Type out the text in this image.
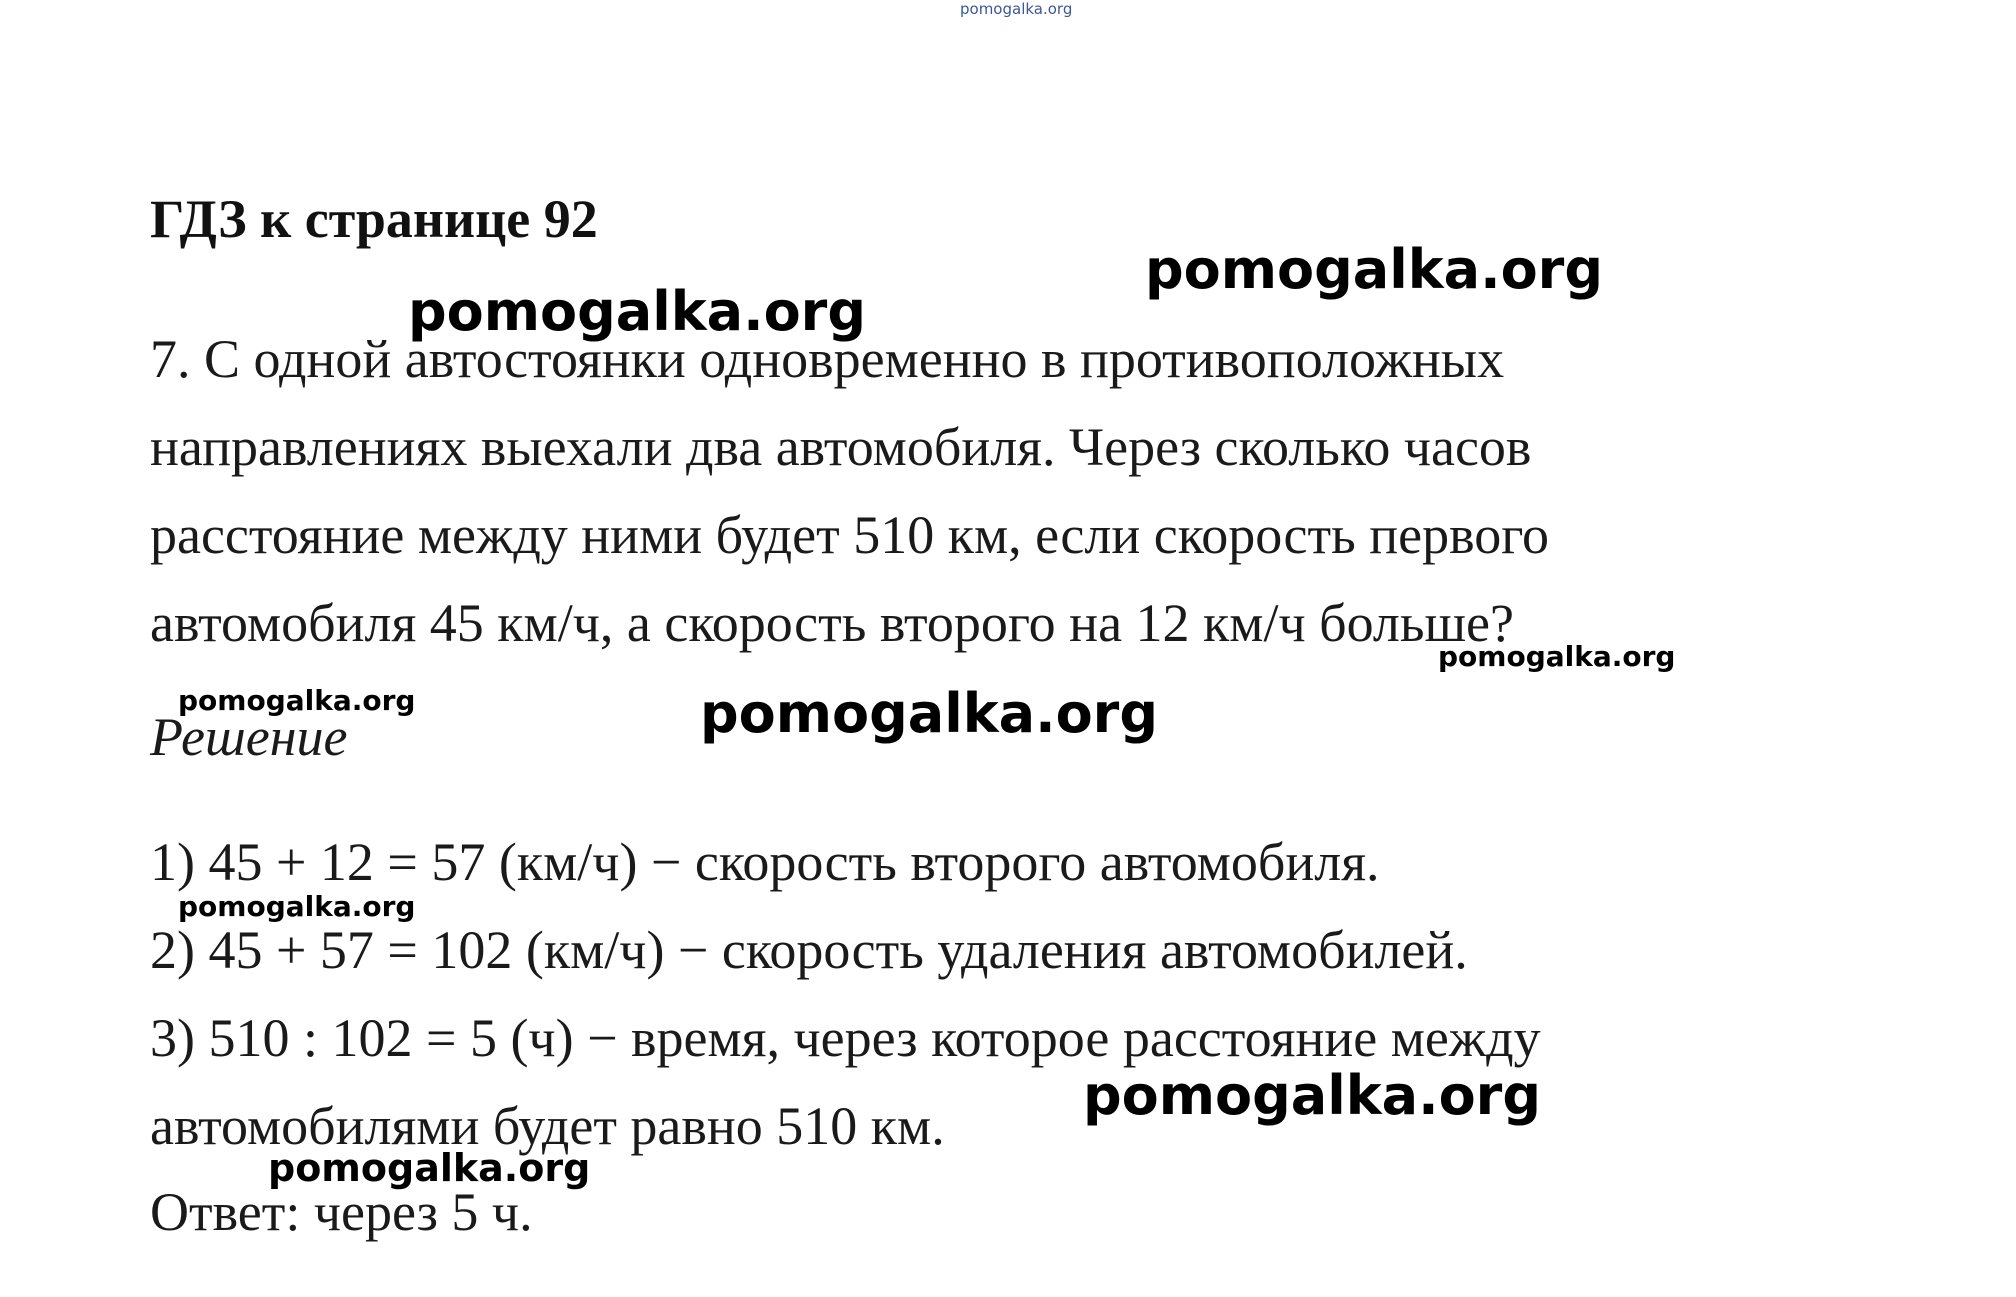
pomogalka.org
ГДЗ к странице 92
pomogalka.org
pomogalka.org
7. С одной автостоянки одновременно в противоположных
направлениях выехали два автомобиля. Через сколько часов
расстояние между ними будет 510 км, если скорость первого
автомобиля 45 км/ч, а скорость второго на 12 км/ч больше?
pomogalka.org
pomogalka.org	pomogalka.org
Решение
1) 45 + 12 = 57 (км/ч) − скорость второго автомобиля.
2) 45 + 57 = 102 (км/ч) − скорость удаления автомобилей.
3) 510 : 102 = 5 (ч) − время, через которое расстояние между
автомобилями будет равно 510 км.
pomogalka.org
pomogalka.org
pomogalka.org
Ответ: через 5 ч.
